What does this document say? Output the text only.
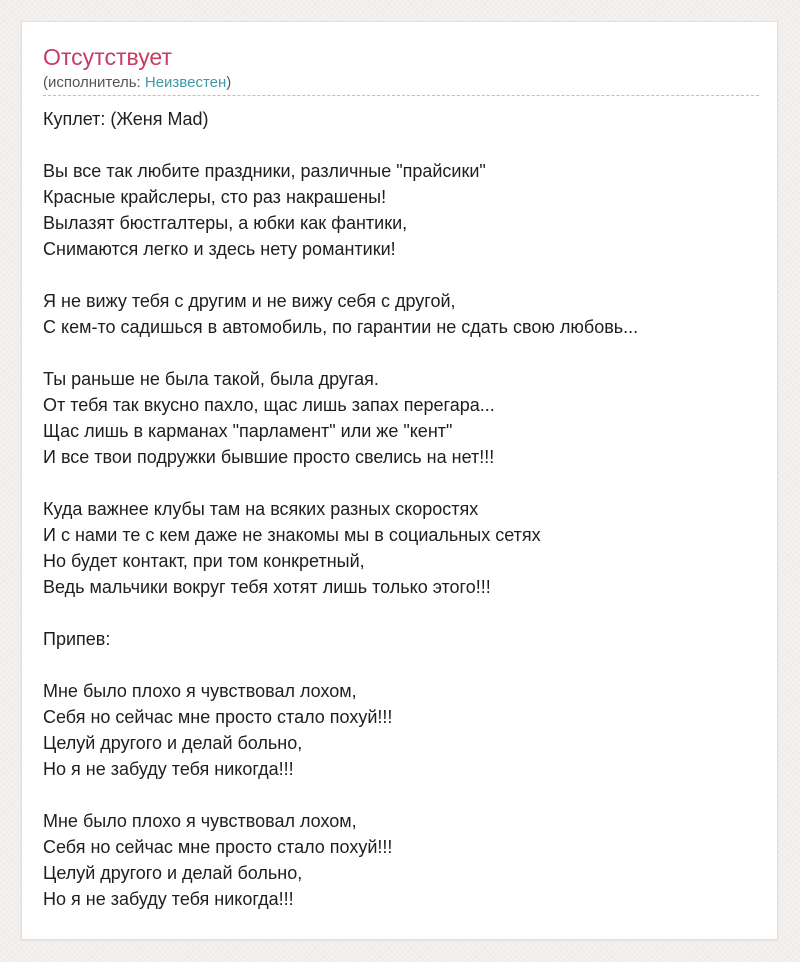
Отсутствует
(исполнитель: Неизвестен)
Куплет: (Женя Mad)
Вы все так любите праздники, различные "прайсики"
Красные крайслеры, сто раз накрашены!
Вылазят бюстгалтеры, а юбки как фантики,
Снимаются легко и здесь нету романтики!
Я не вижу тебя с другим и не вижу себя с другой,
С кем-то садишься в автомобиль, по гарантии не сдать свою любовь...
Ты раньше не была такой, была другая.
От тебя так вкусно пахло, щас лишь запах перегара...
Щас лишь в карманах "парламент" или же "кент"
И все твои подружки бывшие просто свелись на нет!!!
Куда важнее клубы там на всяких разных скоростях
И с нами те с кем даже не знакомы мы в социальных сетях
Но будет контакт, при том конкретный,
Ведь мальчики вокруг тебя хотят лишь только этого!!!
Припев:
Мне было плохо я чувствовал лохом,
Себя но сейчас мне просто стало похуй!!!
Целуй другого и делай больно,
Но я не забуду тебя никогда!!!
Мне было плохо я чувствовал лохом,
Себя но сейчас мне просто стало похуй!!!
Целуй другого и делай больно,
Но я не забуду тебя никогда!!!
